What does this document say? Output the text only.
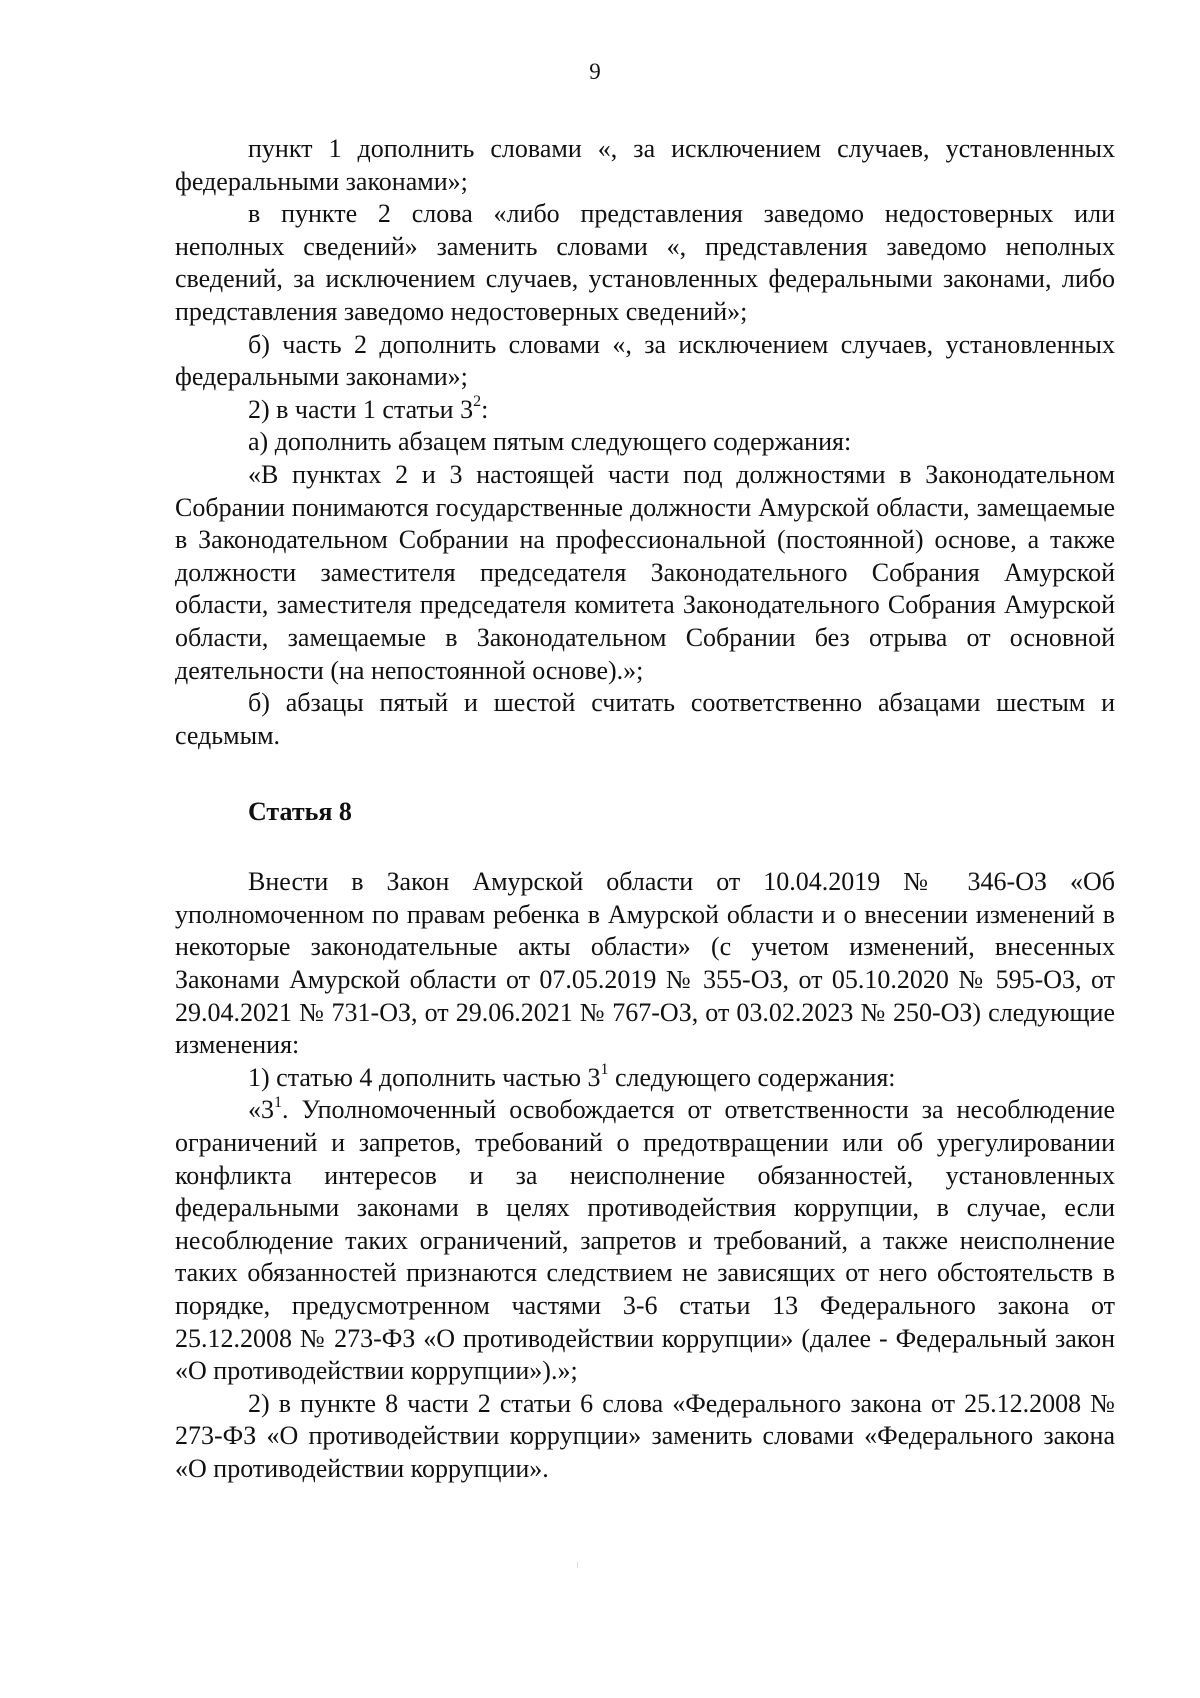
9

пункт 1 дополнить словами «, за исключением случаев, установленных федеральными законами»;

в пункте 2 слова «либо представления заведомо недостоверных или неполных сведений» заменить словами «, представления заведомо неполных сведений, за исключением случаев, установленных федеральными законами, либо представления заведомо недостоверных сведений»;

б) часть 2 дополнить словами «, за исключением случаев, установленных федеральными законами»;

2) в части 1 статьи $3^2$:

а) дополнить абзацем пятым следующего содержания:

«В пунктах 2 и 3 настоящей части под должностями в Законодательном Собрании понимаются государственные должности Амурской области, замещаемые в Законодательном Собрании на профессиональной (постоянной) основе, а также должности заместителя председателя Законодательного Собрания Амурской области, заместителя председателя комитета Законодательного Собрания Амурской области, замещаемые в Законодательном Собрании без отрыва от основной деятельности (на непостоянной основе).»;

б) абзацы пятый и шестой считать соответственно абзацами шестым и седьмым.

Статья 8

Внести в Закон Амурской области от 10.04.2019 № 346-ОЗ «Об уполномоченном по правам ребенка в Амурской области и о внесении изменений в некоторые законодательные акты области» (с учетом изменений, внесенных Законами Амурской области от 07.05.2019 № 355-ОЗ, от 05.10.2020 № 595-ОЗ, от 29.04.2021 № 731-ОЗ, от 29.06.2021 № 767-ОЗ, от 03.02.2023 № 250-ОЗ) следующие изменения:

1) статью 4 дополнить частью $3^1$ следующего содержания:

«$3^1$. Уполномоченный освобождается от ответственности за несоблюдение ограничений и запретов, требований о предотвращении или об урегулировании конфликта интересов и за неисполнение обязанностей, установленных федеральными законами в целях противодействия коррупции, в случае, если несоблюдение таких ограничений, запретов и требований, а также неисполнение таких обязанностей признаются следствием не зависящих от него обстоятельств в порядке, предусмотренном частями 3-6 статьи 13 Федерального закона от 25.12.2008 № 273-ФЗ «О противодействии коррупции» (далее - Федеральный закон «О противодействии коррупции»).»;

2) в пункте 8 части 2 статьи 6 слова «Федерального закона от 25.12.2008 № 273-ФЗ «О противодействии коррупции» заменить словами «Федерального закона «О противодействии коррупции».
